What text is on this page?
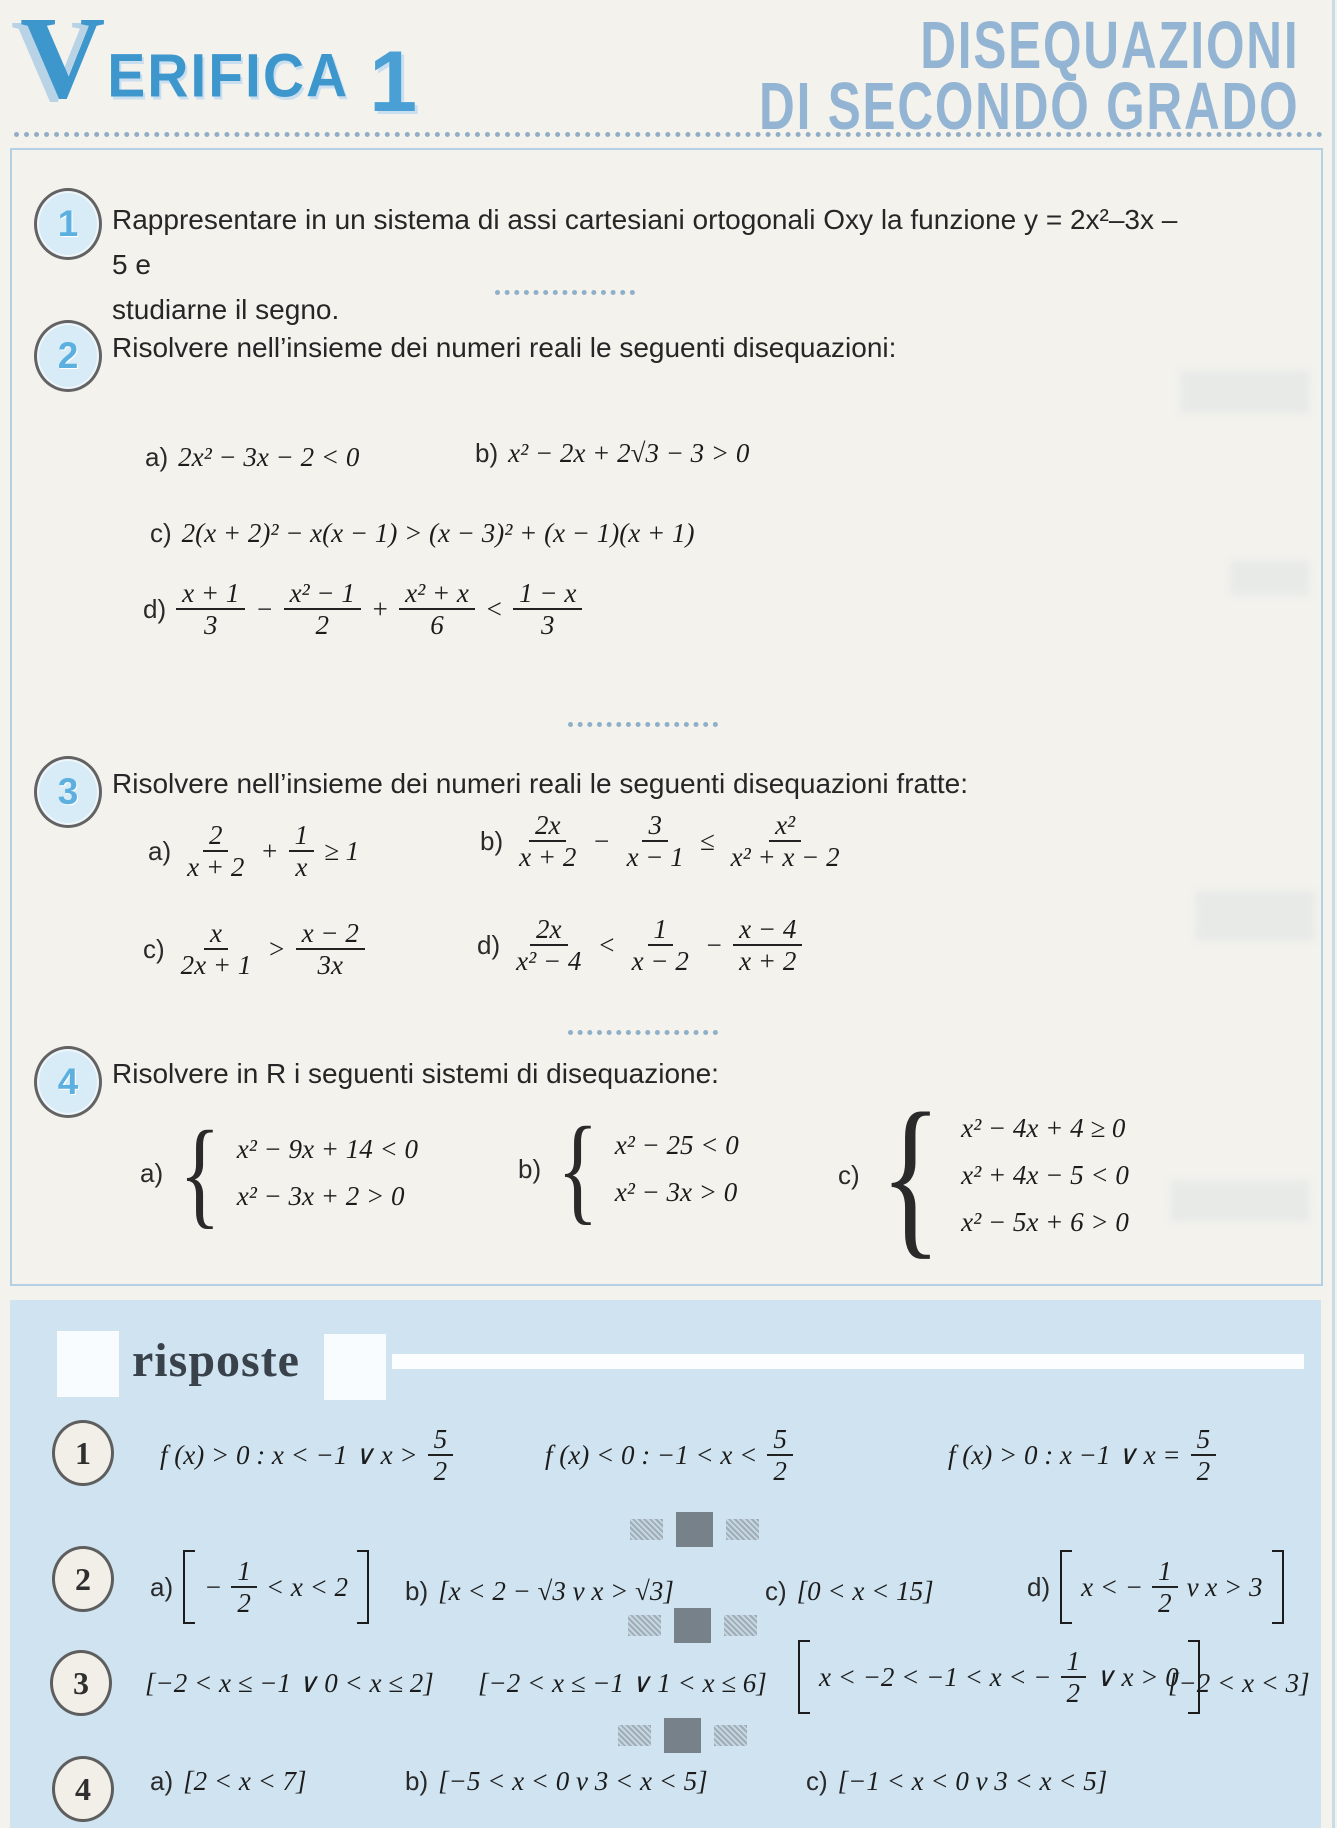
V ERIFICA 1	DISEQUAZIONI
DI SECONDO GRADO
1 Rappresentare in un sistema di assi cartesiani ortogonali Oxy la funzione y = 2x²–3x – 5 e
studiarne il segno.
2 Risolvere nell’insieme dei numeri reali le seguenti disequazioni:
a) 2x² − 3x − 2 < 0	b) x² − 2x + 2√3 − 3 > 0
c) 2(x + 2)² − x(x − 1) > (x − 3)² + (x − 1)(x + 1)
$d) \frac{x + 1}{3} - \frac{\text{x² − 1}}{2} + \frac{\text{x² + x}}{6} < \frac{1 - x}{3}$
3 Risolvere nell’insieme dei numeri reali le seguenti disequazioni fratte:
$a) \frac{2}{x + 2} + \frac{1}{x} \ge 1$	$b) \frac{2x}{x + 2} - \frac{3}{x - 1} \le \frac{\text{x²}}{\text{x² + x − 2}}$
$c) \frac{x}{2x + 1} > \frac{x - 2}{3x}$	$d) \frac{2x}{\text{x² − 4}} < \frac{1}{x - 2} - \frac{x - 4}{x + 2}$
4 Risolvere in R i seguenti sistemi di disequazione:
a) { x² − 9x + 14 < 0
x² − 3x + 2 > 0
b) { x² − 25 < 0
x² − 3x > 0
c) { x² − 4x + 4 ≥ 0
x² + 4x − 5 < 0
x² − 5x + 6 > 0
risposte
1	f (x) > 0 : x < −1 ∨ $x > \frac{5}{2}$	f (x) < 0 : $-1 < x < \frac{5}{2}$	f (x) > 0 : x −1 ∨ $x = \frac{5}{2}$
2 $a) - \frac{1}{2} < x < 2$ b) [x < 2 − √3 v x > √3]	c) [0 < x < 15]	d) x < − $\frac{1}{2}$ v x > 3
3 [−2 < x ≤ −1 ∨ 0 < x ≤ 2] [−2 < x ≤ −1 ∨ 1 < x ≤ 6] x < −2 < −1 < x < − $\frac{1}{2}$ ∨ x > 0
[−2 < x < 3]
4 a) [2 < x < 7]	b) [−5 < x < 0 v 3 < x < 5]	c) [−1 < x < 0 v 3 < x < 5]
